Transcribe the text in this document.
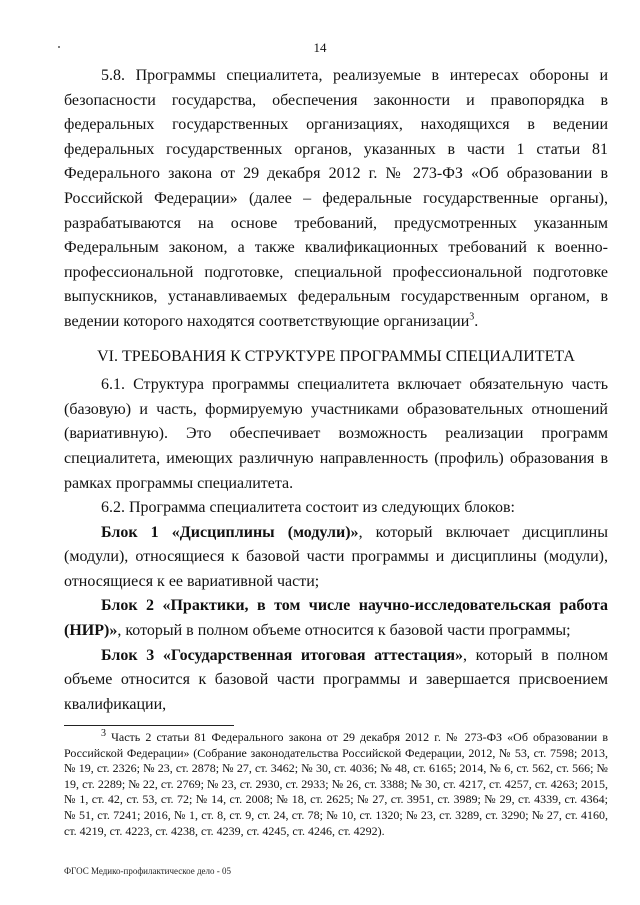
14

5.8. Программы специалитета, реализуемые в интересах обороны и безопасности государства, обеспечения законности и правопорядка в федеральных государственных организациях, находящихся в ведении федеральных государственных органов, указанных в части 1 статьи 81 Федерального закона от 29 декабря 2012 г. № 273-ФЗ «Об образовании в Российской Федерации» (далее – федеральные государственные органы), разрабатываются на основе требований, предусмотренных указанным Федеральным законом, а также квалификационных требований к военно-профессиональной подготовке, специальной профессиональной подготовке выпускников, устанавливаемых федеральным государственным органом, в ведении которого находятся соответствующие организации$^3$.

VI. ТРЕБОВАНИЯ К СТРУКТУРЕ ПРОГРАММЫ СПЕЦИАЛИТЕТА

6.1. Структура программы специалитета включает обязательную часть (базовую) и часть, формируемую участниками образовательных отношений (вариативную). Это обеспечивает возможность реализации программ специалитета, имеющих различную направленность (профиль) образования в рамках программы специалитета.

6.2. Программа специалитета состоит из следующих блоков:

Блок 1 «Дисциплины (модули)», который включает дисциплины (модули), относящиеся к базовой части программы и дисциплины (модули), относящиеся к ее вариативной части;

Блок 2 «Практики, в том числе научно-исследовательская работа (НИР)», который в полном объеме относится к базовой части программы;

Блок 3 «Государственная итоговая аттестация», который в полном объеме относится к базовой части программы и завершается присвоением квалификации,

$^3$ Часть 2 статьи 81 Федерального закона от 29 декабря 2012 г. № 273-ФЗ «Об образовании в Российской Федерации» (Собрание законодательства Российской Федерации, 2012, № 53, ст. 7598; 2013, № 19, ст. 2326; № 23, ст. 2878; № 27, ст. 3462; № 30, ст. 4036; № 48, ст. 6165; 2014, № 6, ст. 562, ст. 566; № 19, ст. 2289; № 22, ст. 2769; № 23, ст. 2930, ст. 2933; № 26, ст. 3388; № 30, ст. 4217, ст. 4257, ст. 4263; 2015, № 1, ст. 42, ст. 53, ст. 72; № 14, ст. 2008; № 18, ст. 2625; № 27, ст. 3951, ст. 3989; № 29, ст. 4339, ст. 4364; № 51, ст. 7241; 2016, № 1, ст. 8, ст. 9, ст. 24, ст. 78; № 10, ст. 1320; № 23, ст. 3289, ст. 3290; № 27, ст. 4160, ст. 4219, ст. 4223, ст. 4238, ст. 4239, ст. 4245, ст. 4246, ст. 4292).

ФГОС Медико-профилактическое дело - 05
